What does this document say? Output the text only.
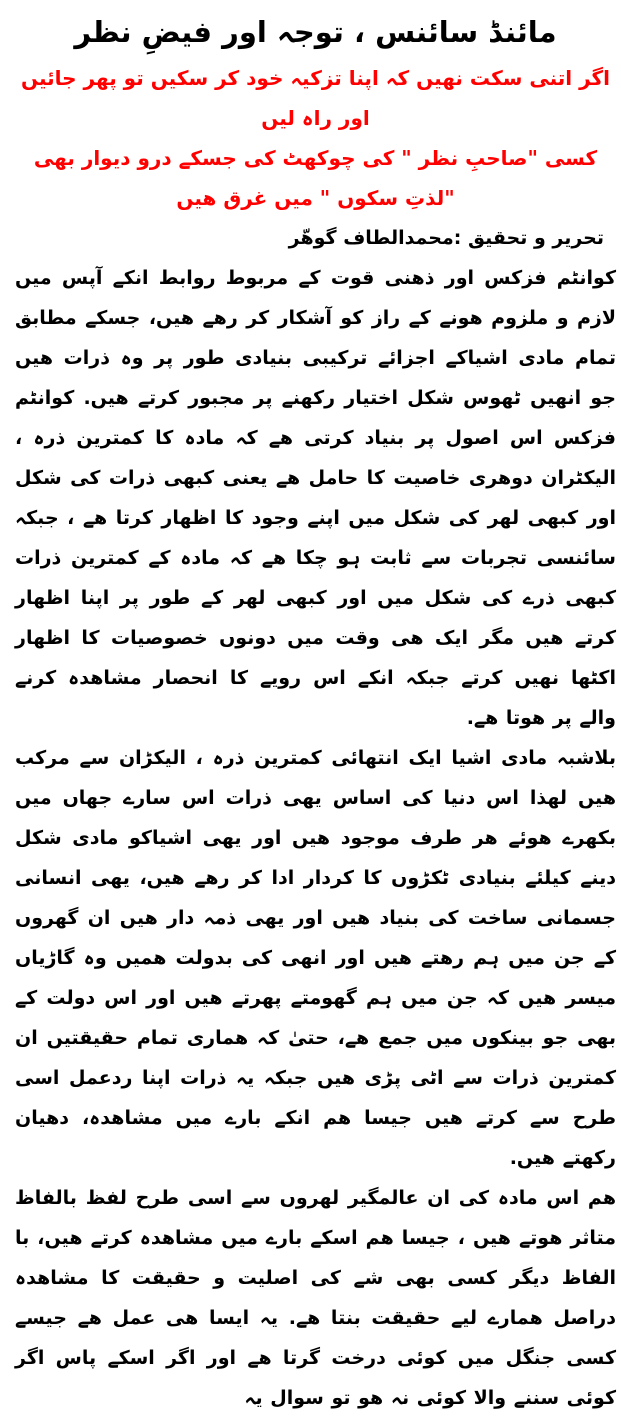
مائنڈ سائنس ، توجہ اور فیضِ نظر
اگر اتنی سکت نھیں کہ اپنا تزکیہ خود کر سکیں تو پھر جائیں اور راہ لیں
کسی "صاحبِ نظر " کی چوکھٹ کی جسکے درو دیوار بھی "لذتِ سکوں " میں غرق ھیں
تحریر و تحقیق :محمدالطاف گوھّر

کوانٹم فزکس اور ذھنی قوت کے مربوط روابط انکے آپس میں لازم و ملزوم ھونے کے راز کو آشکار کر رھے ھیں، جسکے مطابق تمام مادی اشیاکے اجزائے ترکیبی بنیادی طور پر وہ ذرات ھیں جو انھیں ٹھوس شکل اختیار رکھنے پر مجبور کرتے ھیں. کوانٹم فزکس اس اصول پر بنیاد کرتی ھے کہ مادہ کا کمترین ذرہ ، الیکٹران دوھری خاصیت کا حامل ھے یعنی کبھی ذرات کی شکل اور کبھی لھر کی شکل میں اپنے وجود کا اظھار کرتا ھے ، جبکہ سائنسی تجربات سے ثابت ہو چکا ھے کہ مادہ کے کمترین ذرات کبھی ذرے کی شکل میں اور کبھی لھر کے طور پر اپنا اظھار کرتے ھیں مگر ایک ھی وقت میں دونوں خصوصیات کا اظھار اکٹھا نھیں کرتے جبکہ انکے اس رویے کا انحصار مشاھدہ کرنے والے پر ھوتا ھے.

بلاشبہ مادی اشیا ایک انتھائی کمترین ذرہ ، الیکڑان سے مرکب ھیں لھذا اس دنیا کی اساس یھی ذرات اس سارے جھاں میں بکھرے ھوئے ھر طرف موجود ھیں اور یھی اشیاکو مادی شکل دینے کیلئے بنیادی ٹکڑوں کا کردار ادا کر رھے ھیں، یھی انسانی جسمانی ساخت کی بنیاد ھیں اور یھی ذمہ دار ھیں ان گھروں کے جن میں ہم رھتے ھیں اور انھی کی بدولت ھمیں وہ گاڑیاں میسر ھیں کہ جن میں ہم گھومتے پھرتے ھیں اور اس دولت کے بھی جو بینکوں میں جمع ھے، حتیٰ کہ ھماری تمام حقیقتیں ان کمترین ذرات سے اٹی پڑی ھیں جبکہ یہ ذرات اپنا ردعمل اسی طرح سے کرتے ھیں جیسا ھم انکے بارے میں مشاھدہ، دھیان رکھتے ھیں.

ھم اس مادہ کی ان عالمگیر لھروں سے اسی طرح لفظ بالفاظ متاثر ھوتے ھیں ، جیسا ھم اسکے بارے میں مشاھدہ کرتے ھیں، با الفاظ دیگر کسی بھی شے کی اصلیت و حقیقت کا مشاھدہ دراصل ھمارے لیے حقیقت بنتا ھے. یہ ایسا ھی عمل ھے جیسے کسی جنگل میں کوئی درخت گرتا ھے اور اگر اسکے پاس اگر کوئی سننے والا کوئی نہ ھو تو سوال یہ
